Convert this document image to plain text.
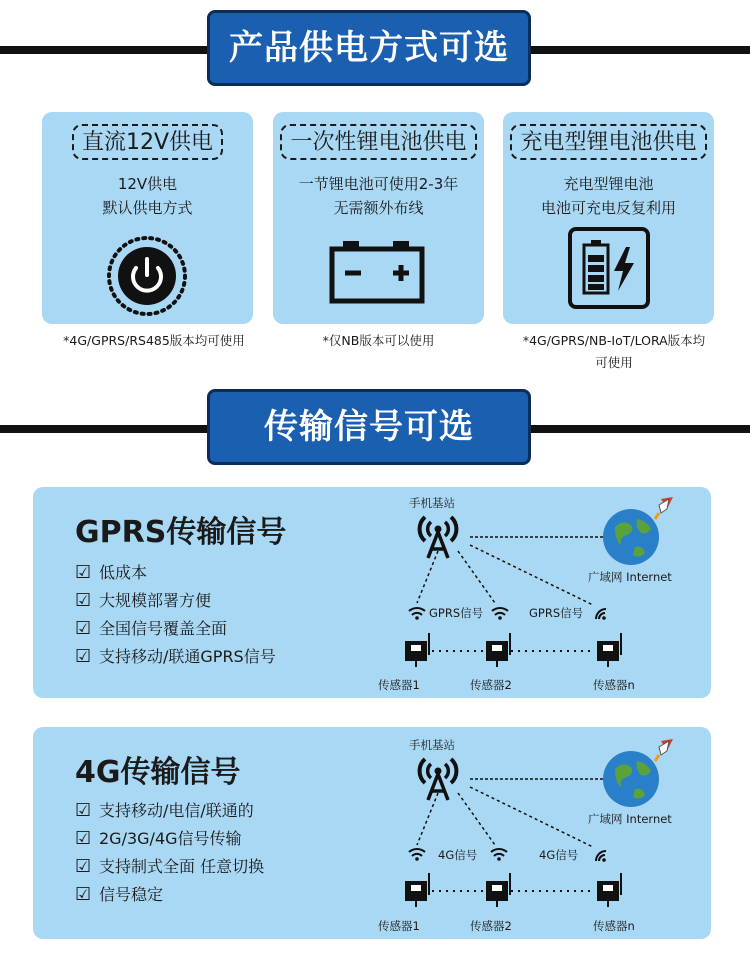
产品供电方式可选
直流12V供电
12V供电
默认供电方式
*4G/GPRS/RS485版本均可使用
一次性锂电池供电
一节锂电池可使用2-3年
无需额外布线
*仅NB版本可以使用
充电型锂电池供电
充电型锂电池
电池可充电反复利用
*4G/GPRS/NB-IoT/LORA版本均
可使用
传输信号可选
GPRS传输信号
☑ 低成本
☑ 大规模部署方便
☑ 全国信号覆盖全面
☑ 支持移动/联通GPRS信号
手机基站
广域网 Internet
GPRS信号	GPRS信号
传感器1	传感器2	传感器n
4G传输信号
☑ 支持移动/电信/联通的
☑ 2G/3G/4G信号传输
☑ 支持制式全面 任意切换
☑ 信号稳定
手机基站
广域网 Internet
4G信号	4G信号
传感器1	传感器2	传感器n
